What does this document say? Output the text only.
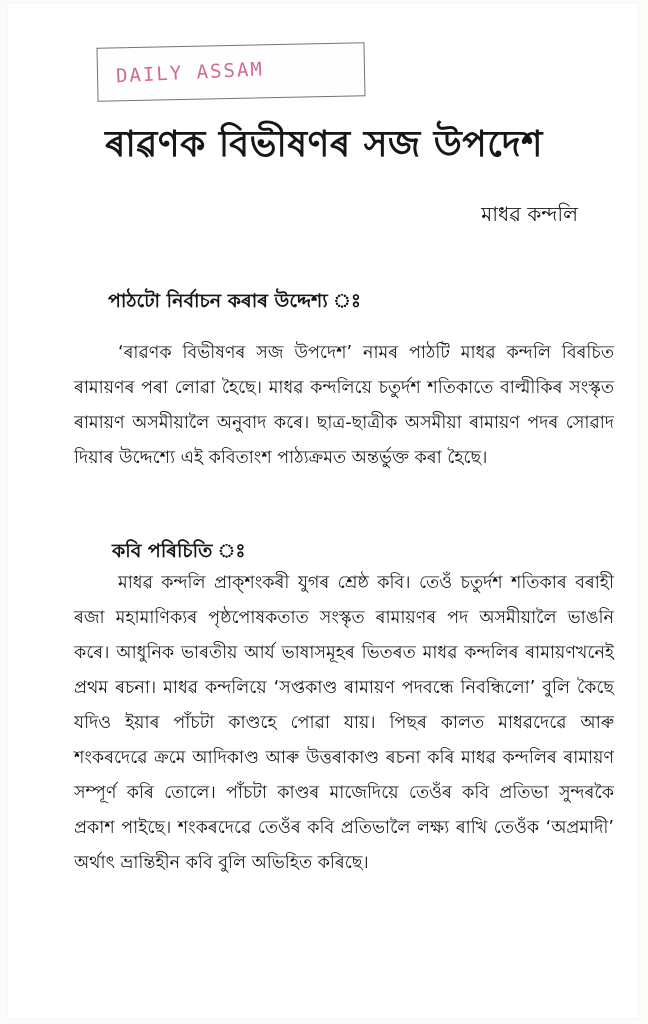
DAILY ASSAM
ৰাৱণক বিভীষণৰ সজ উপদেশ
মাধৱ কন্দলি
পাঠটো নিৰ্বাচন কৰাৰ উদ্দেশ্য ঃ
‘ৰাৱণক বিভীষণৰ সজ উপদেশ’ নামৰ পাঠটি মাধৱ কন্দলি বিৰচিত ৰামায়ণৰ পৰা লোৱা হৈছে। মাধৱ কন্দলিয়ে চতুৰ্দশ শতিকাতে বাল্মীকিৰ সংস্কৃত ৰামায়ণ অসমীয়ালৈ অনুবাদ কৰে। ছাত্ৰ-ছাত্ৰীক অসমীয়া ৰামায়ণ পদৰ সোৱাদ দিয়াৰ উদ্দেশ্যে এই কবিতাংশ পাঠ্যক্ৰমত অন্তৰ্ভুক্ত কৰা হৈছে।
কবি পৰিচিতি ঃ
মাধৱ কন্দলি প্ৰাক্‌শংকৰী যুগৰ শ্ৰেষ্ঠ কবি। তেওঁ চতুৰ্দশ শতিকাৰ বৰাহী ৰজা মহামাণিক্যৰ পৃষ্ঠপোষকতাত সংস্কৃত ৰামায়ণৰ পদ অসমীয়ালৈ ভাঙনি কৰে। আধুনিক ভাৰতীয় আৰ্য ভাষাসমূহৰ ভিতৰত মাধৱ কন্দলিৰ ৰামায়ণখনেই প্ৰথম ৰচনা। মাধৱ কন্দলিয়ে ‘সপ্তকাণ্ড ৰামায়ণ পদবন্ধে নিবন্ধিলো’ বুলি কৈছে যদিও ইয়াৰ পাঁচটা কাণ্ডহে পোৱা যায়। পিছৰ কালত মাধৱদেৱে আৰু শংকৰদেৱে ক্ৰমে আদিকাণ্ড আৰু উত্তৰাকাণ্ড ৰচনা কৰি মাধৱ কন্দলিৰ ৰামায়ণ সম্পূৰ্ণ কৰি তোলে। পাঁচটা কাণ্ডৰ মাজেদিয়ে তেওঁৰ কবি প্ৰতিভা সুন্দৰকৈ প্ৰকাশ পাইছে। শংকৰদেৱে তেওঁৰ কবি প্ৰতিভালৈ লক্ষ্য ৰাখি তেওঁক ‘অপ্ৰমাদী’ অৰ্থাৎ ভ্ৰান্তিহীন কবি বুলি অভিহিত কৰিছে।
